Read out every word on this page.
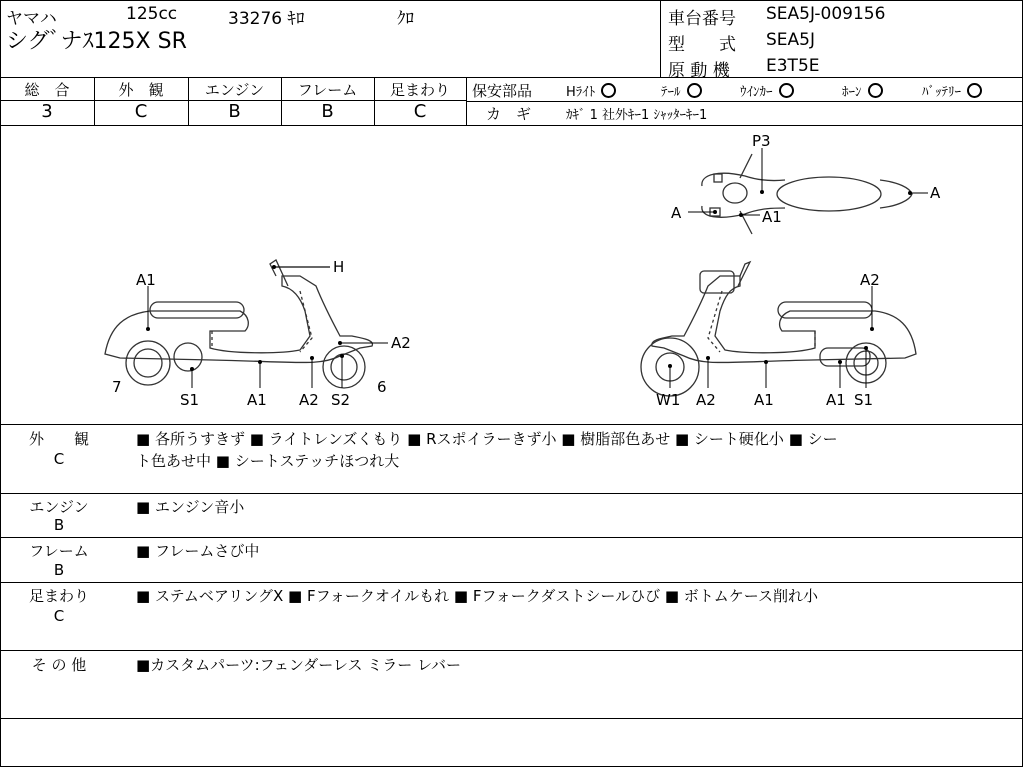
ヤマハ	125cc	33276 ｷﾛ	ｸﾛ
シグﾞナｽ125X SR
車台番号 SEA5J-009156
型　　式 SEA5J
原 動 機 E3T5E
総　合	外　観	エンジン	フレーム	足まわり
3	C	B	B	C
保安部品	Hﾗｲﾄ	ﾃｰﾙ	ｳｲﾝｶｰ	ﾎｰﾝ	ﾊﾞｯﾃﾘｰ
カ　ギ	ｶｷﾞ 1 社外ｷｰ1 ｼｬｯﾀｰｷｰ1
A1
H
A2
7
S1	A1 A2 S2
6
A2
W1 A2	A1	A1 S1
P3
A
A	A1
外　　観
C
■ 各所うすきず ■ ライトレンズくもり ■ Rスポイラーきず小 ■ 樹脂部色あせ ■ シート硬化小 ■ シー
ト色あせ中 ■ シートステッチほつれ大
エンジン
B
■ エンジン音小
フレーム
B
■ フレームさび中
足まわり
C
■ ステムベアリングX ■ Fフォークオイルもれ ■ Fフォークダストシールひび ■ ボトムケース削れ小
そ の 他	■カスタムパーツ:フェンダーレス ミラー レバー
